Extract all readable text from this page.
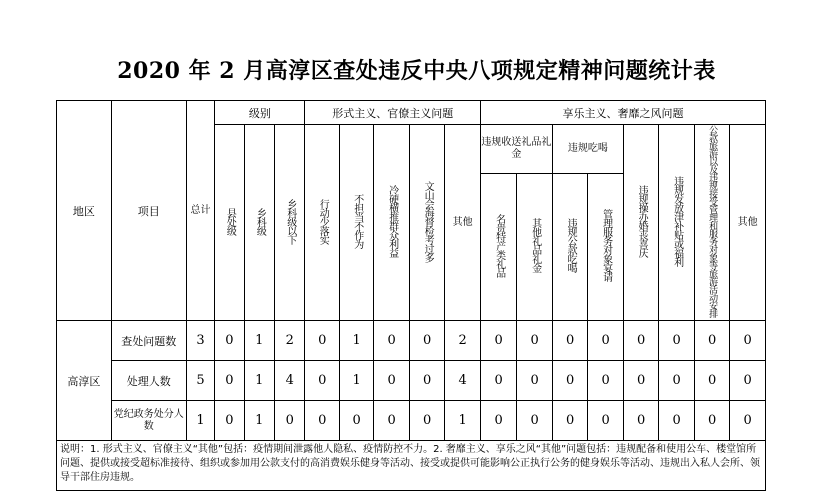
2020 年 2 月高淳区查处违反中央八项规定精神问题统计表
地区	项目	总计	级别			形式主义、官僚主义问题					享乐主义、奢靡之风问题							
			县处级	乡科级	乡科级以下	行动少落实	不担当不作为	冷硬横推群众利益	文山会海督检考过多	其他	违规收送礼品礼金		违规吃喝		违规操办婚丧喜庆	违规发放津补贴或福利	公款旅游以及违规接受管理和服务对象等旅游活动安排	其他
											名贵特产类礼品	其他礼品礼金	违规公款吃喝	管理服务对象宴请				
高淳区	查处问题数	3	0	1	2	0	1	0	0	2	0	0	0	0	0	0	0	0
	处理人数	5	0	1	4	0	1	0	0	4	0	0	0	0	0	0	0	0
	党纪政务处分人数	1	0	1	0	0	0	0	0	1	0	0	0	0	0	0	0	0
说明：1. 形式主义、官僚主义“其他”包括：疫情期间泄露他人隐私、疫情防控不力。2. 奢靡主义、享乐之风“其他”问题包括：违规配备和使用公车、楼堂馆所问题、提供或接受超标准接待、组织或参加用公款支付的高消费娱乐健身等活动、接受或提供可能影响公正执行公务的健身娱乐等活动、违规出入私人会所、领导干部住房违规。																		
